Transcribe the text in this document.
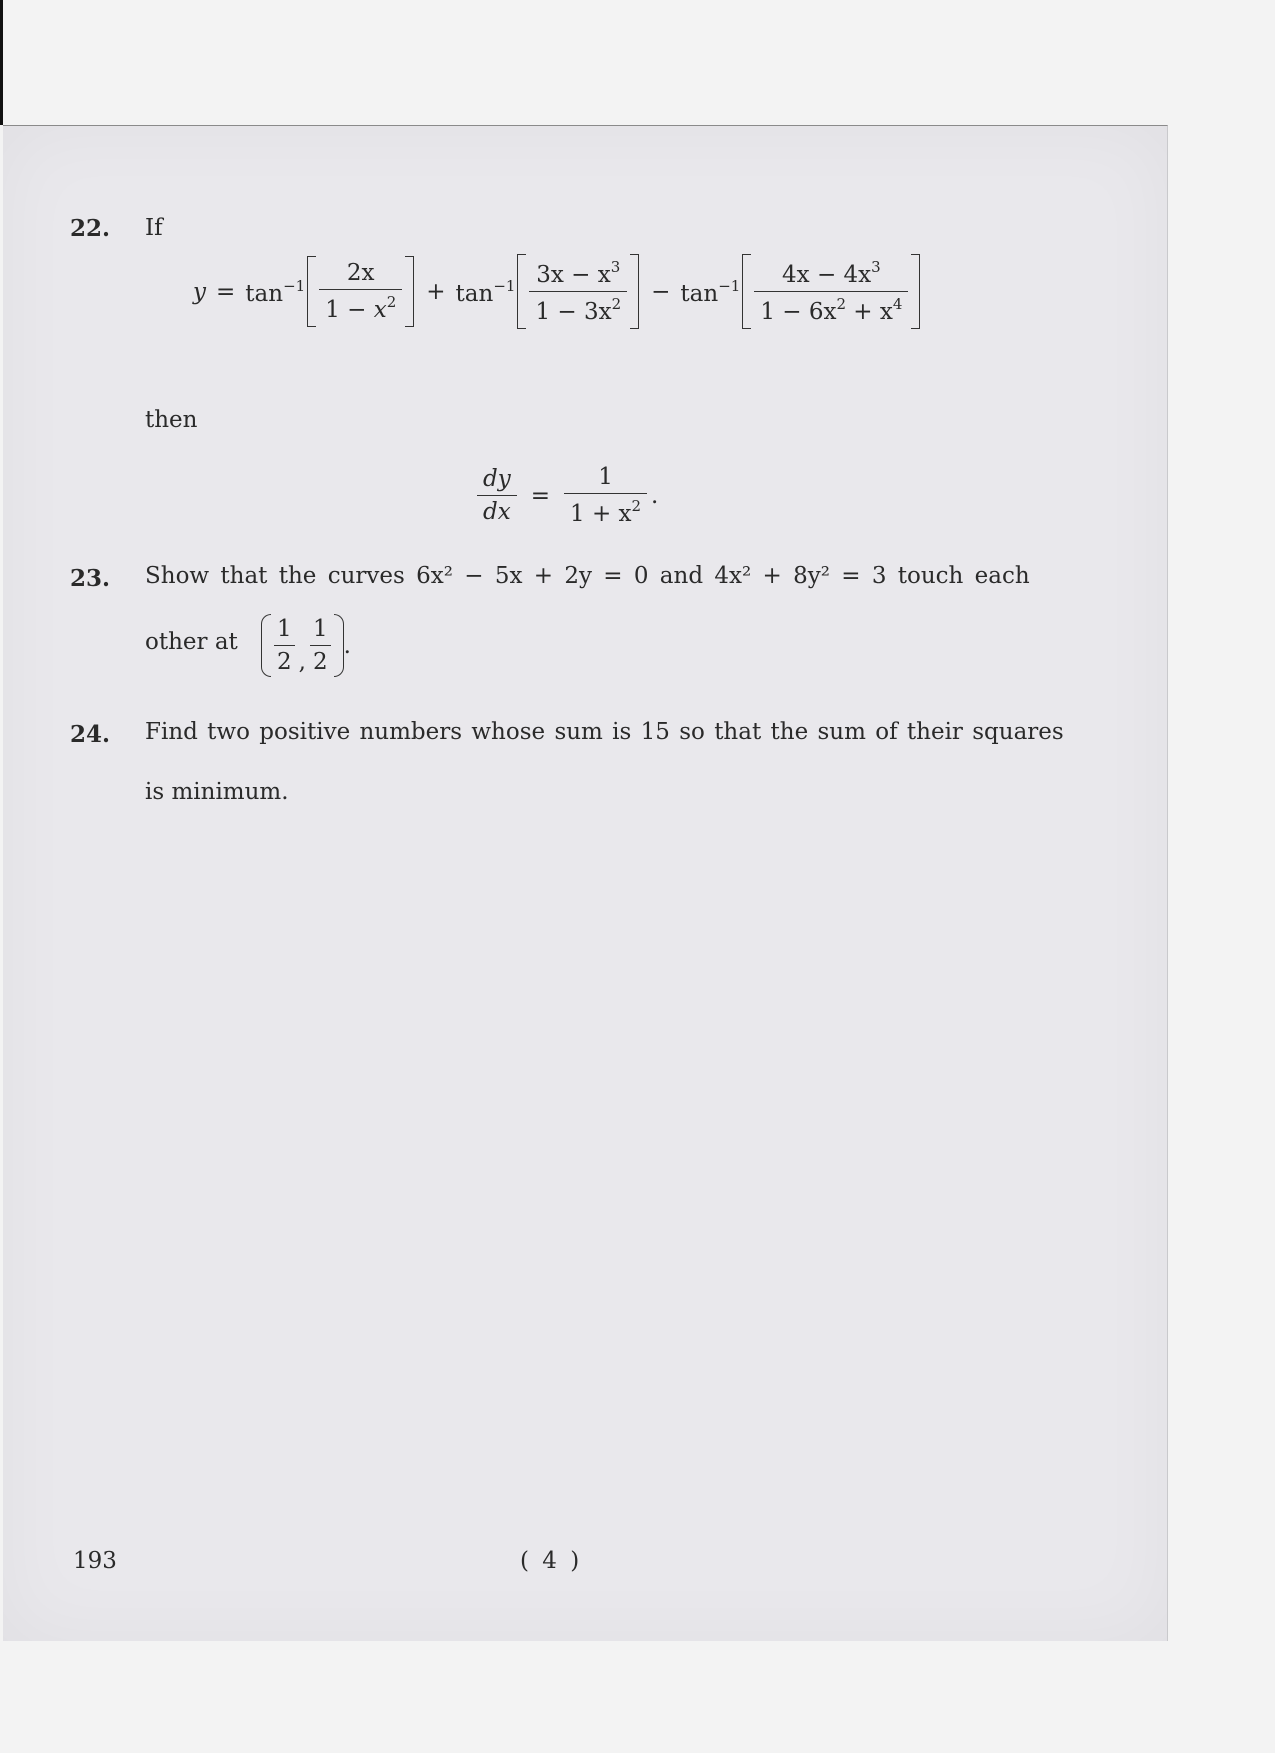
22. If
$y = \tan^{-1} \frac{2x}{1 - x^2} + \tan^{-1} \frac{3x - x^3}{1 - 3x^2} - \tan^{-1} \frac{4x - 4x^3}{1 - 6x^2 + x^4}$
then
$\frac{dy}{dx} = \frac{1}{1 + x^2}$ .
23. Show that the curves 6x² − 5x + 2y = 0 and 4x² + 8y² = 3 touch each
other at $\frac{1}{2}$ , $\frac{1}{2}$ .
24. Find two positive numbers whose sum is 15 so that the sum of their squares
is minimum.
193	( 4 )
